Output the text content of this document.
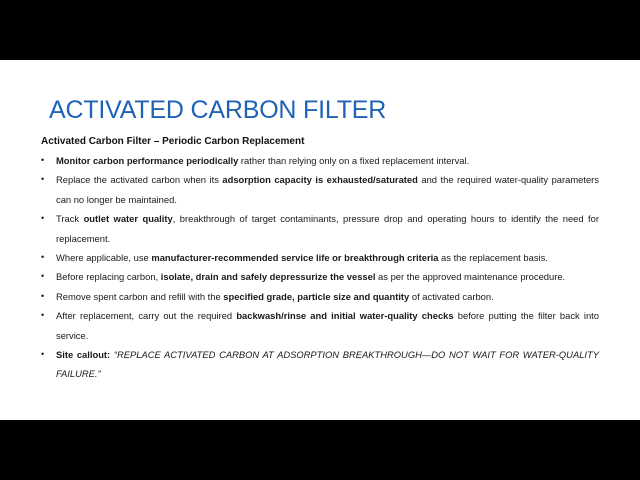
ACTIVATED CARBON FILTER
Activated Carbon Filter – Periodic Carbon Replacement
• Monitor carbon performance periodically rather than relying only on a fixed replacement interval.
• Replace the activated carbon when its adsorption capacity is exhausted/saturated and the required water-quality parameters can no longer be maintained.
• Track outlet water quality, breakthrough of target contaminants, pressure drop and operating hours to identify the need for replacement.
• Where applicable, use manufacturer-recommended service life or breakthrough criteria as the replacement basis.
• Before replacing carbon, isolate, drain and safely depressurize the vessel as per the approved maintenance procedure.
• Remove spent carbon and refill with the specified grade, particle size and quantity of activated carbon.
• After replacement, carry out the required backwash/rinse and initial water-quality checks before putting the filter back into service.
• Site callout: “REPLACE ACTIVATED CARBON AT ADSORPTION BREAKTHROUGH—DO NOT WAIT FOR WATER-QUALITY FAILURE.”
